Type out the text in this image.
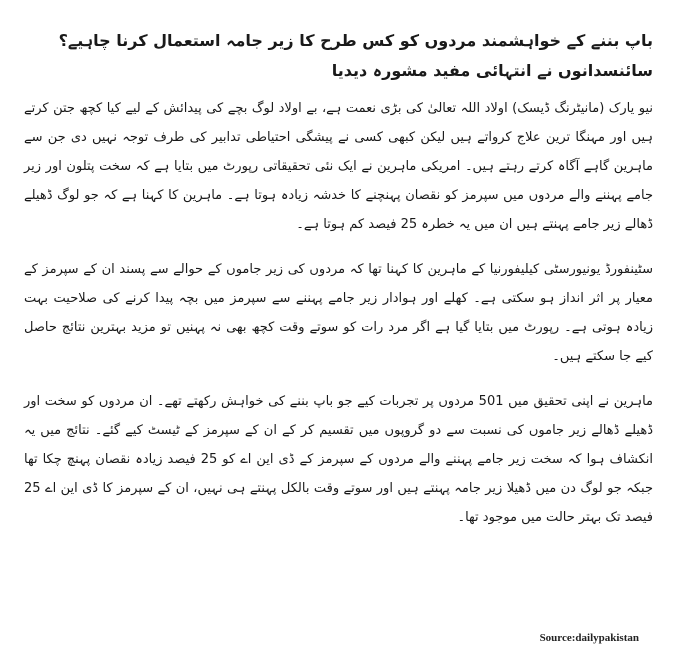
باپ بننے کے خواہشمند مردوں کو کس طرح کا زیر جامہ استعمال کرنا چاہیے؟ سائنسدانوں نے انتہائی مفید مشورہ دیدیا

نیو یارک (مانیٹرنگ ڈیسک) اولاد اللہ تعالیٰ کی بڑی نعمت ہے، بے اولاد لوگ بچے کی پیدائش کے لیے کیا کچھ جتن کرتے ہیں اور مہنگا ترین علاج کرواتے ہیں لیکن کبھی کسی نے پیشگی احتیاطی تدابیر کی طرف توجہ نہیں دی جن سے ماہرین گاہے آگاہ کرتے رہتے ہیں۔ امریکی ماہرین نے ایک نئی تحقیقاتی رپورٹ میں بتایا ہے کہ سخت پتلون اور زیر جامے پہننے والے مردوں میں سپرمز کو نقصان پہنچنے کا خدشہ زیادہ ہوتا ہے۔ ماہرین کا کہنا ہے کہ جو لوگ ڈھیلے ڈھالے زیر جامے پہنتے ہیں ان میں یہ خطرہ 25 فیصد کم ہوتا ہے۔

سٹینفورڈ یونیورسٹی کیلیفورنیا کے ماہرین کا کہنا تھا کہ مردوں کی زیر جاموں کے حوالے سے پسند ان کے سپرمز کے معیار پر اثر انداز ہو سکتی ہے۔ کھلے اور ہوادار زیر جامے پہننے سے سپرمز میں بچہ پیدا کرنے کی صلاحیت بہت زیادہ ہوتی ہے۔ رپورٹ میں بتایا گیا ہے اگر مرد رات کو سوتے وقت کچھ بھی نہ پہنیں تو مزید بہترین نتائج حاصل کیے جا سکتے ہیں۔

ماہرین نے اپنی تحقیق میں 501 مردوں پر تجربات کیے جو باپ بننے کی خواہش رکھتے تھے۔ ان مردوں کو سخت اور ڈھیلے ڈھالے زیر جاموں کی نسبت سے دو گروپوں میں تقسیم کر کے ان کے سپرمز کے ٹیسٹ کیے گئے۔ نتائج میں یہ انکشاف ہوا کہ سخت زیر جامے پہننے والے مردوں کے سپرمز کے ڈی این اے کو 25 فیصد زیادہ نقصان پہنچ چکا تھا جبکہ جو لوگ دن میں ڈھیلا زیر جامہ پہنتے ہیں اور سوتے وقت بالکل پہنتے ہی نہیں، ان کے سپرمز کا ڈی این اے 25 فیصد تک بہتر حالت میں موجود تھا۔

Source:dailypakistan
